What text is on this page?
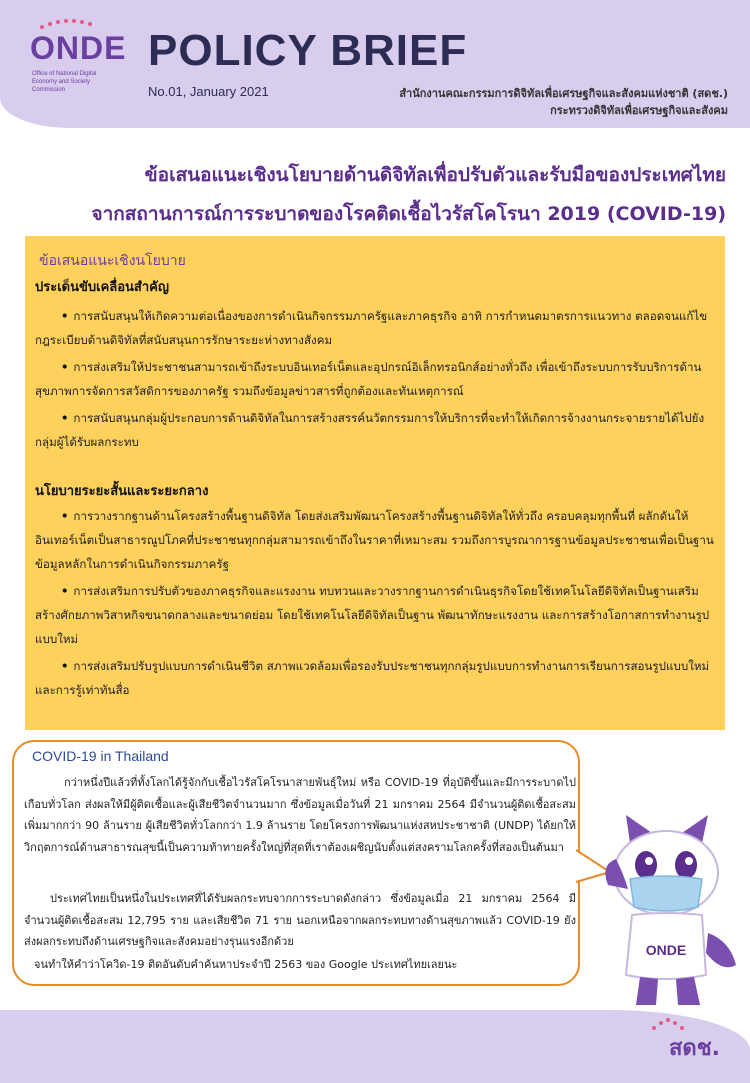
ONDE
Office of National Digital Economy and Society Commission
POLICY BRIEF
No.01, January 2021	สำนักงานคณะกรรมการดิจิทัลเพื่อเศรษฐกิจและสังคมแห่งชาติ (สดช.)
กระทรวงดิจิทัลเพื่อเศรษฐกิจและสังคม
ข้อเสนอแนะเชิงนโยบายด้านดิจิทัลเพื่อปรับตัวและรับมือของประเทศไทย
จากสถานการณ์การระบาดของโรคติดเชื้อไวรัสโคโรนา 2019 (COVID-19)
ข้อเสนอแนะเชิงนโยบาย
ประเด็นขับเคลื่อนสำคัญ
• การสนับสนุนให้เกิดความต่อเนื่องของการดำเนินกิจกรรมภาครัฐและภาคธุรกิจ อาทิ การกำหนดมาตรการแนวทาง ตลอดจนแก้ไขกฎระเบียบด้านดิจิทัลที่สนับสนุนการรักษาระยะห่างทางสังคม
• การส่งเสริมให้ประชาชนสามารถเข้าถึงระบบอินเทอร์เน็ตและอุปกรณ์อิเล็กทรอนิกส์อย่างทั่วถึง เพื่อเข้าถึงระบบการรับบริการด้านสุขภาพการจัดการสวัสดิการของภาครัฐ รวมถึงข้อมูลข่าวสารที่ถูกต้องและทันเหตุการณ์
• การสนับสนุนกลุ่มผู้ประกอบการด้านดิจิทัลในการสร้างสรรค์นวัตกรรมการให้บริการที่จะทำให้เกิดการจ้างงานกระจายรายได้ไปยังกลุ่มผู้ได้รับผลกระทบ
นโยบายระยะสั้นและระยะกลาง
• การวางรากฐานด้านโครงสร้างพื้นฐานดิจิทัล โดยส่งเสริมพัฒนาโครงสร้างพื้นฐานดิจิทัลให้ทั่วถึง ครอบคลุมทุกพื้นที่ ผลักดันให้อินเทอร์เน็ตเป็นสาธารณูปโภคที่ประชาชนทุกกลุ่มสามารถเข้าถึงในราคาที่เหมาะสม รวมถึงการบูรณาการฐานข้อมูลประชาชนเพื่อเป็นฐานข้อมูลหลักในการดำเนินกิจกรรมภาครัฐ
• การส่งเสริมการปรับตัวของภาคธุรกิจและแรงงาน ทบทวนและวางรากฐานการดำเนินธุรกิจโดยใช้เทคโนโลยีดิจิทัลเป็นฐานเสริมสร้างศักยภาพวิสาหกิจขนาดกลางและขนาดย่อม โดยใช้เทคโนโลยีดิจิทัลเป็นฐาน พัฒนาทักษะแรงงาน และการสร้างโอกาสการทำงานรูปแบบใหม่
• การส่งเสริมปรับรูปแบบการดำเนินชีวิต สภาพแวดล้อมเพื่อรองรับประชาชนทุกกลุ่มรูปแบบการทำงานการเรียนการสอนรูปแบบใหม่และการรู้เท่าทันสื่อ
COVID-19 in Thailand

กว่าหนึ่งปีแล้วที่ทั้งโลกได้รู้จักกับเชื้อไวรัสโคโรนาสายพันธุ์ใหม่ หรือ COVID-19 ที่อุบัติขึ้นและมีการระบาดไปเกือบทั่วโลก ส่งผลให้มีผู้ติดเชื้อและผู้เสียชีวิตจำนวนมาก ซึ่งข้อมูลเมื่อวันที่ 21 มกราคม 2564 มีจำนวนผู้ติดเชื้อสะสมเพิ่มมากกว่า 90 ล้านราย ผู้เสียชีวิตทั่วโลกกว่า 1.9 ล้านราย โดยโครงการพัฒนาแห่งสหประชาชาติ (UNDP) ได้ยกให้วิกฤตการณ์ด้านสาธารณสุขนี้เป็นความท้าทายครั้งใหญ่ที่สุดที่เราต้องเผชิญนับตั้งแต่สงครามโลกครั้งที่สองเป็นต้นมา

ประเทศไทยเป็นหนึ่งในประเทศที่ได้รับผลกระทบจากการระบาดดังกล่าว ซึ่งข้อมูลเมื่อ 21 มกราคม 2564 มีจำนวนผู้ติดเชื้อสะสม 12,795 ราย และเสียชีวิต 71 ราย นอกเหนือจากผลกระทบทางด้านสุขภาพแล้ว COVID-19 ยังส่งผลกระทบถึงด้านเศรษฐกิจและสังคมอย่างรุนแรงอีกด้วย

จนทำให้คำว่าโควิด-19 ติดอันดับคำค้นหาประจำปี 2563 ของ Google ประเทศไทยเลยนะ

ONDE
สดช.
